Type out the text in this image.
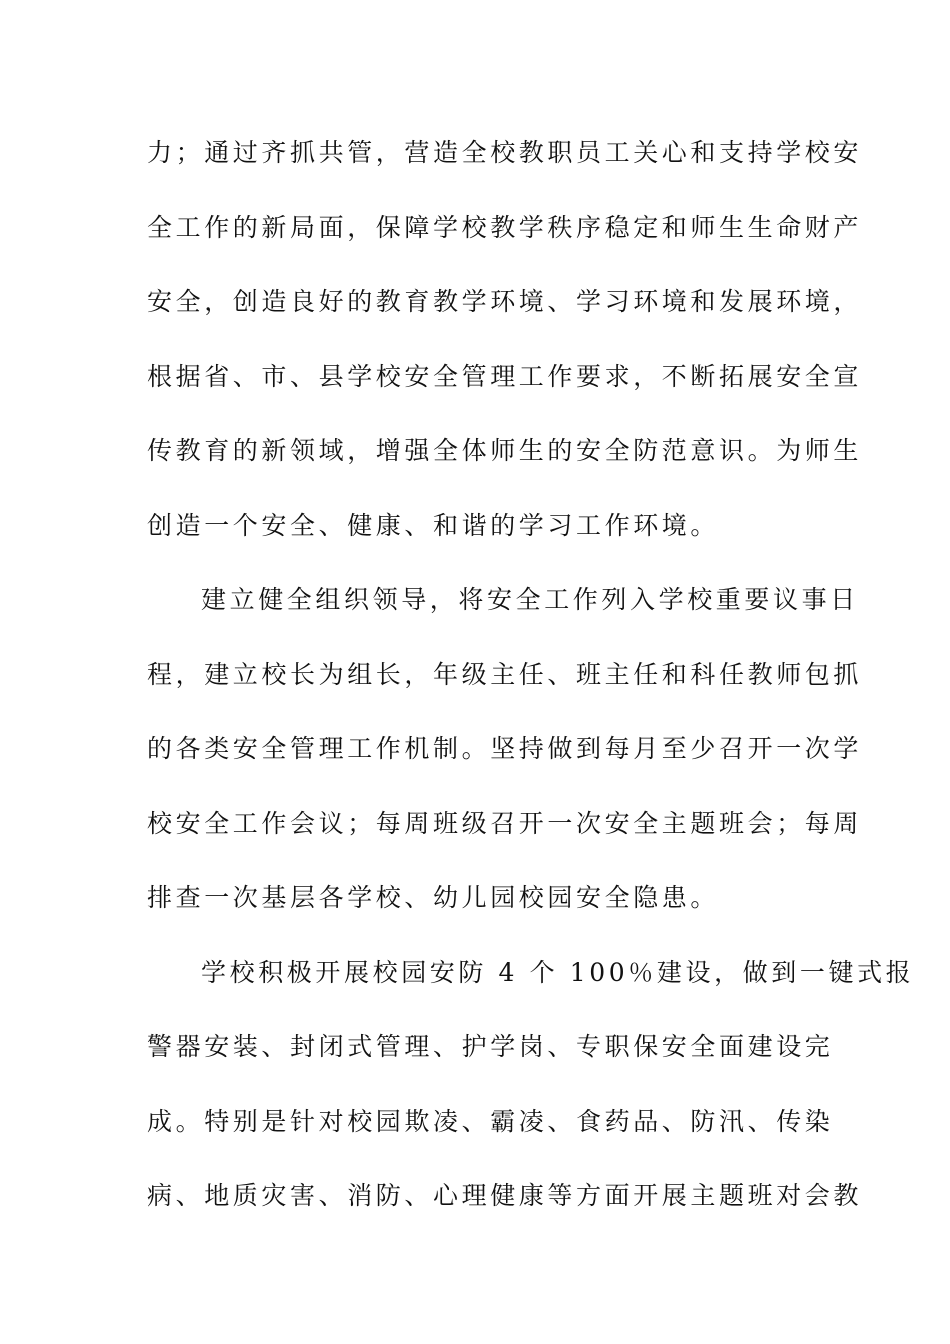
力；通过齐抓共管，营造全校教职员工关心和支持学校安
全工作的新局面，保障学校教学秩序稳定和师生生命财产
安全，创造良好的教育教学环境、学习环境和发展环境，
根据省、市、县学校安全管理工作要求，不断拓展安全宣
传教育的新领域，增强全体师生的安全防范意识。为师生
创造一个安全、健康、和谐的学习工作环境。
建立健全组织领导，将安全工作列入学校重要议事日
程，建立校长为组长，年级主任、班主任和科任教师包抓
的各类安全管理工作机制。坚持做到每月至少召开一次学
校安全工作会议；每周班级召开一次安全主题班会；每周
排查一次基层各学校、幼儿园校园安全隐患。
学校积极开展校园安防 4 个 100％建设，做到一键式报
警器安装、封闭式管理、护学岗、专职保安全面建设完
成。特别是针对校园欺凌、霸凌、食药品、防汛、传染
病、地质灾害、消防、心理健康等方面开展主题班对会教
